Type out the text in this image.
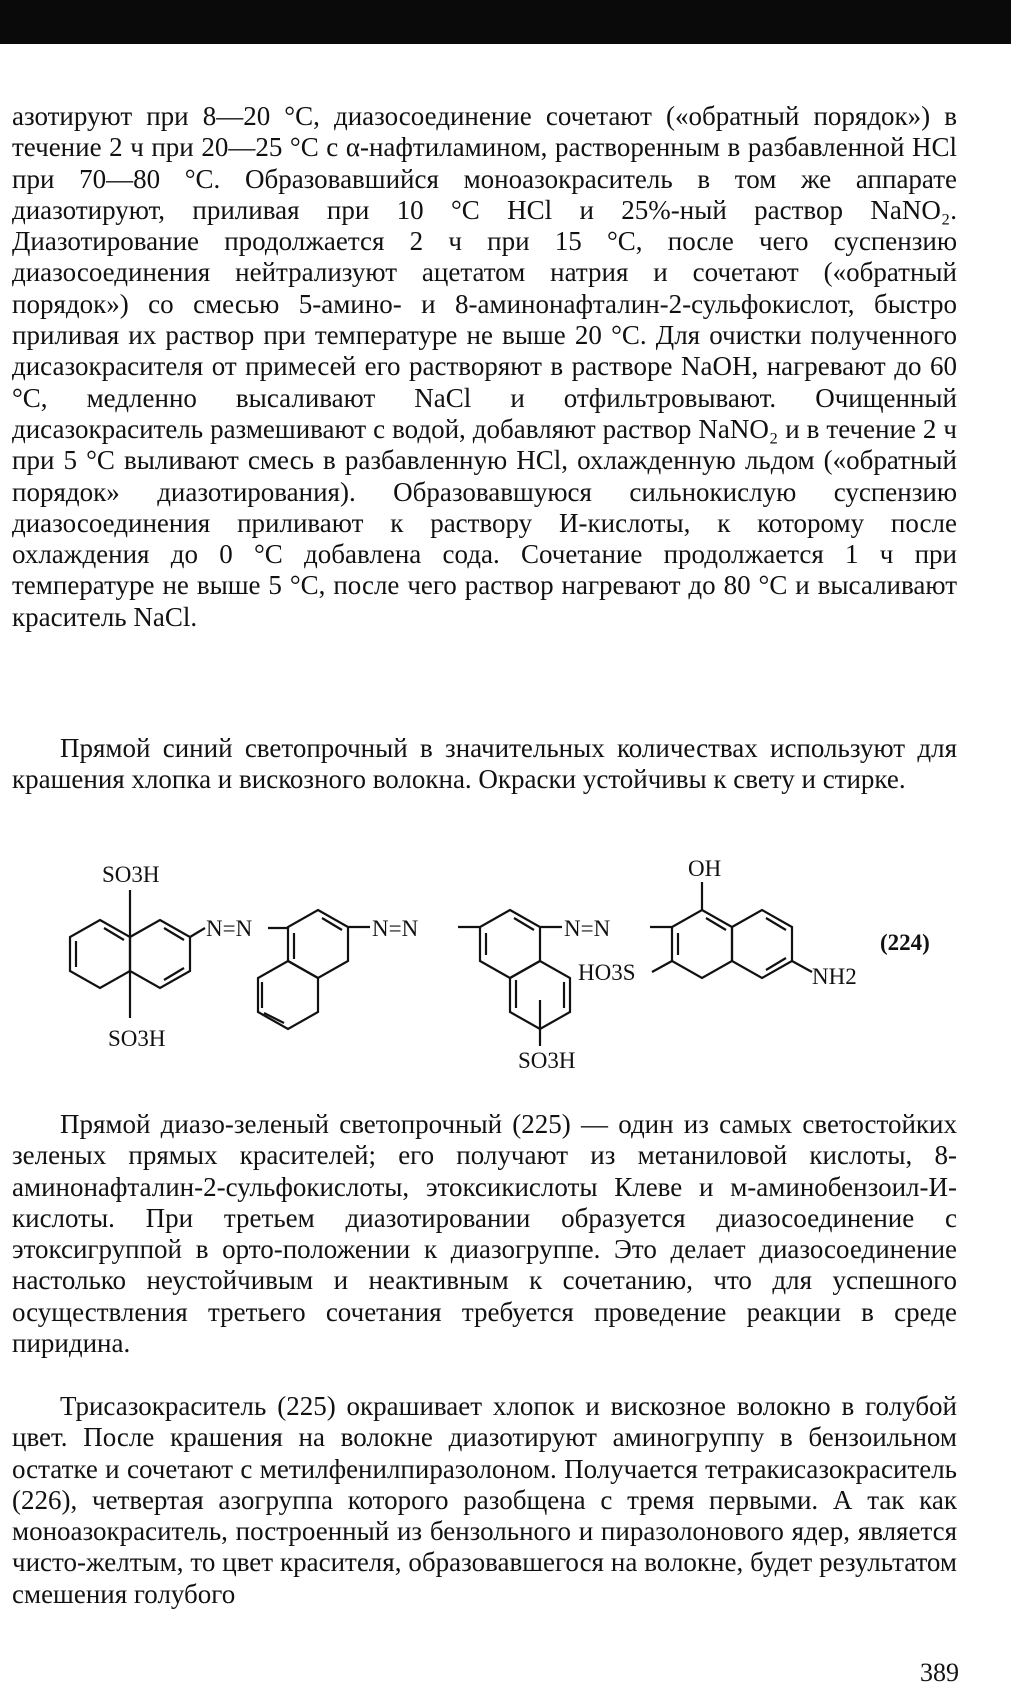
азотируют при 8—20 °C, диазосоединение сочетают («обратный порядок») в течение 2 ч при 20—25 °C с α-нафтиламином, растворенным в разбавленной HCl при 70—80 °C. Образовавшийся моноазокраситель в том же аппарате диазотируют, приливая при 10 °C HCl и 25%-ный раствор NaNO₂. Диазотирование продолжается 2 ч при 15 °C, после чего суспензию диазосоединения нейтрализуют ацетатом натрия и сочетают («обратный порядок») со смесью 5-амино- и 8-аминонафталин-2-сульфокислот, быстро приливая их раствор при температуре не выше 20 °C. Для очистки полученного дисазокрасителя от примесей его растворяют в растворе NaOH, нагревают до 60 °C, медленно высаливают NaCl и отфильтровывают. Очищенный дисазокраситель размешивают с водой, добавляют раствор NaNO₂ и в течение 2 ч при 5 °C выливают смесь в разбавленную HCl, охлажденную льдом («обратный порядок» диазотирования). Образовавшуюся сильнокислую суспензию диазосоединения приливают к раствору И-кислоты, к которому после охлаждения до 0 °C добавлена сода. Сочетание продолжается 1 ч при температуре не выше 5 °C, после чего раствор нагревают до 80 °C и высаливают краситель NaCl.

Прямой синий светопрочный в значительных количествах используют для крашения хлопка и вискозного волокна. Окраски устойчивы к свету и стирке.

SO3H
N=N
SO3H
N=N
SO3H
N=N
OH
HO3S	NH2
(224)

Прямой диазо-зеленый светопрочный (225) — один из самых светостойких зеленых прямых красителей; его получают из метаниловой кислоты, 8-аминонафталин-2-сульфокислоты, этоксикислоты Клеве и м-аминобензоил-И-кислоты. При третьем диазотировании образуется диазосоединение с этоксигруппой в орто-положении к диазогруппе. Это делает диазосоединение настолько неустойчивым и неактивным к сочетанию, что для успешного осуществления третьего сочетания требуется проведение реакции в среде пиридина.

Трисазокраситель (225) окрашивает хлопок и вискозное волокно в голубой цвет. После крашения на волокне диазотируют аминогруппу в бензоильном остатке и сочетают с метилфенилпиразолоном. Получается тетракисазокраситель (226), четвертая азогруппа которого разобщена с тремя первыми. А так как моноазокраситель, построенный из бензольного и пиразолонового ядер, является чисто-желтым, то цвет красителя, образовавшегося на волокне, будет результатом смешения голубого

389
